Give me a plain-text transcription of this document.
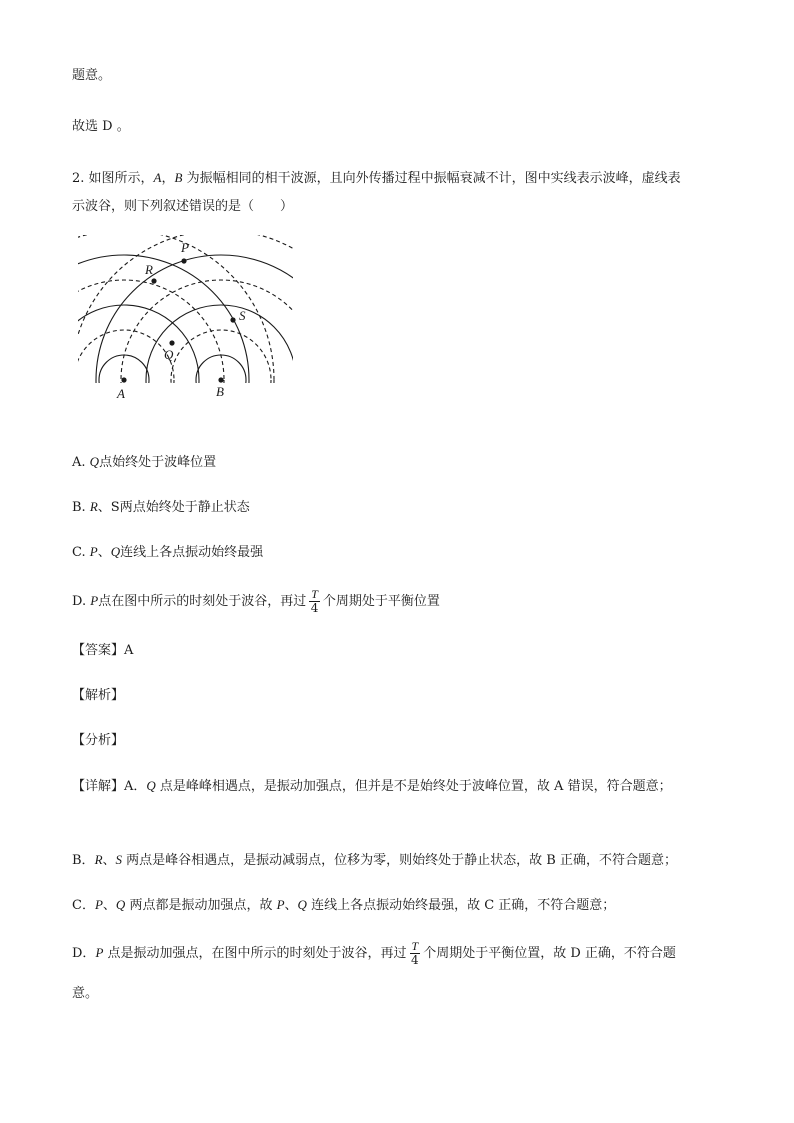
题意。
故选 D 。
2. 如图所示，A，B 为振幅相同的相干波源，且向外传播过程中振幅衰减不计，图中实线表示波峰，虚线表
示波谷，则下列叙述错误的是（　　）
P
R
S
Q
A	B
A. Q点始终处于波峰位置
B. R、S两点始终处于静止状态
C. P、Q连线上各点振动始终最强
D. P点在图中所示的时刻处于波谷，再过 $\frac{T}{4}$ 个周期处于平衡位置
【答案】A
【解析】
【分析】
【详解】A．Q 点是峰峰相遇点，是振动加强点，但并是不是始终处于波峰位置，故 A 错误，符合题意；
B．R、S 两点是峰谷相遇点，是振动减弱点，位移为零，则始终处于静止状态，故 B 正确，不符合题意；
C．P、Q 两点都是振动加强点，故 P、Q 连线上各点振动始终最强，故 C 正确，不符合题意；
D．P 点是振动加强点，在图中所示的时刻处于波谷，再过 $\frac{T}{4}$ 个周期处于平衡位置，故 D 正确，不符合题
意。
